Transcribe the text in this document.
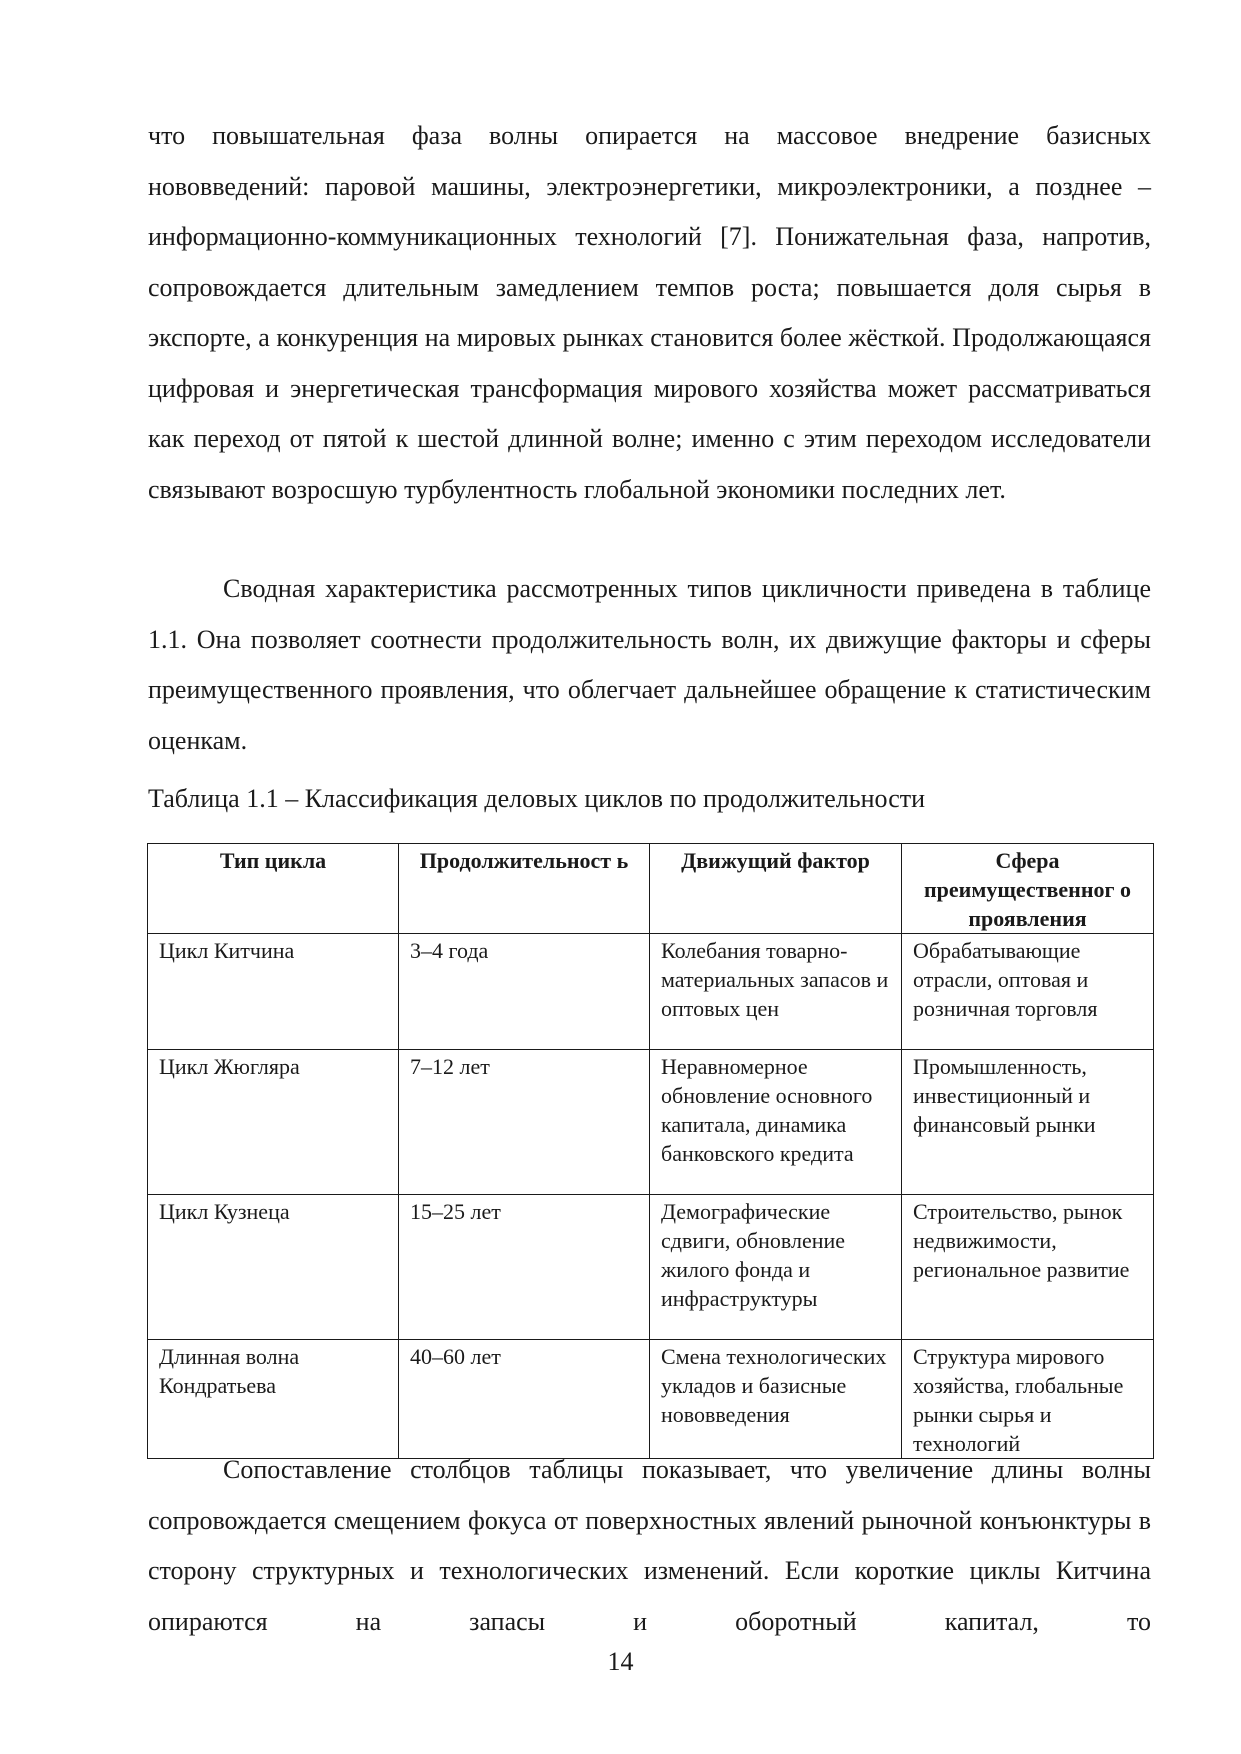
что повышательная фаза волны опирается на массовое внедрение базисных нововведений: паровой машины, электроэнергетики, микроэлектроники, а позднее – информационно-коммуникационных технологий [7]. Понижательная фаза, напротив, сопровождается длительным замедлением темпов роста; повышается доля сырья в экспорте, а конкуренция на мировых рынках становится более жёсткой. Продолжающаяся цифровая и энергетическая трансформация мирового хозяйства может рассматриваться как переход от пятой к шестой длинной волне; именно с этим переходом исследователи связывают возросшую турбулентность глобальной экономики последних лет.

Сводная характеристика рассмотренных типов цикличности приведена в таблице 1.1. Она позволяет соотнести продолжительность волн, их движущие факторы и сферы преимущественного проявления, что облегчает дальнейшее обращение к статистическим оценкам.

Таблица 1.1 – Классификация деловых циклов по продолжительности
Тип цикла	Продолжительност ь	Движущий фактор	Сфера преимущественног о проявления
Цикл Китчина	3–4 года	Колебания товарно-материальных запасов и оптовых цен	Обрабатывающие отрасли, оптовая и розничная торговля
Цикл Жюгляра	7–12 лет	Неравномерное обновление основного капитала, динамика банковского кредита	Промышленность, инвестиционный и финансовый рынки
Цикл Кузнеца	15–25 лет	Демографические сдвиги, обновление жилого фонда и инфраструктуры	Строительство, рынок недвижимости, региональное развитие
Длинная волна Кондратьева	40–60 лет	Смена технологических укладов и базисные нововведения	Структура мирового хозяйства, глобальные рынки сырья и технологий

Сопоставление столбцов таблицы показывает, что увеличение длины волны сопровождается смещением фокуса от поверхностных явлений рыночной конъюнктуры в сторону структурных и технологических изменений. Если короткие циклы Китчина опираются на запасы и оборотный капитал, то

14
